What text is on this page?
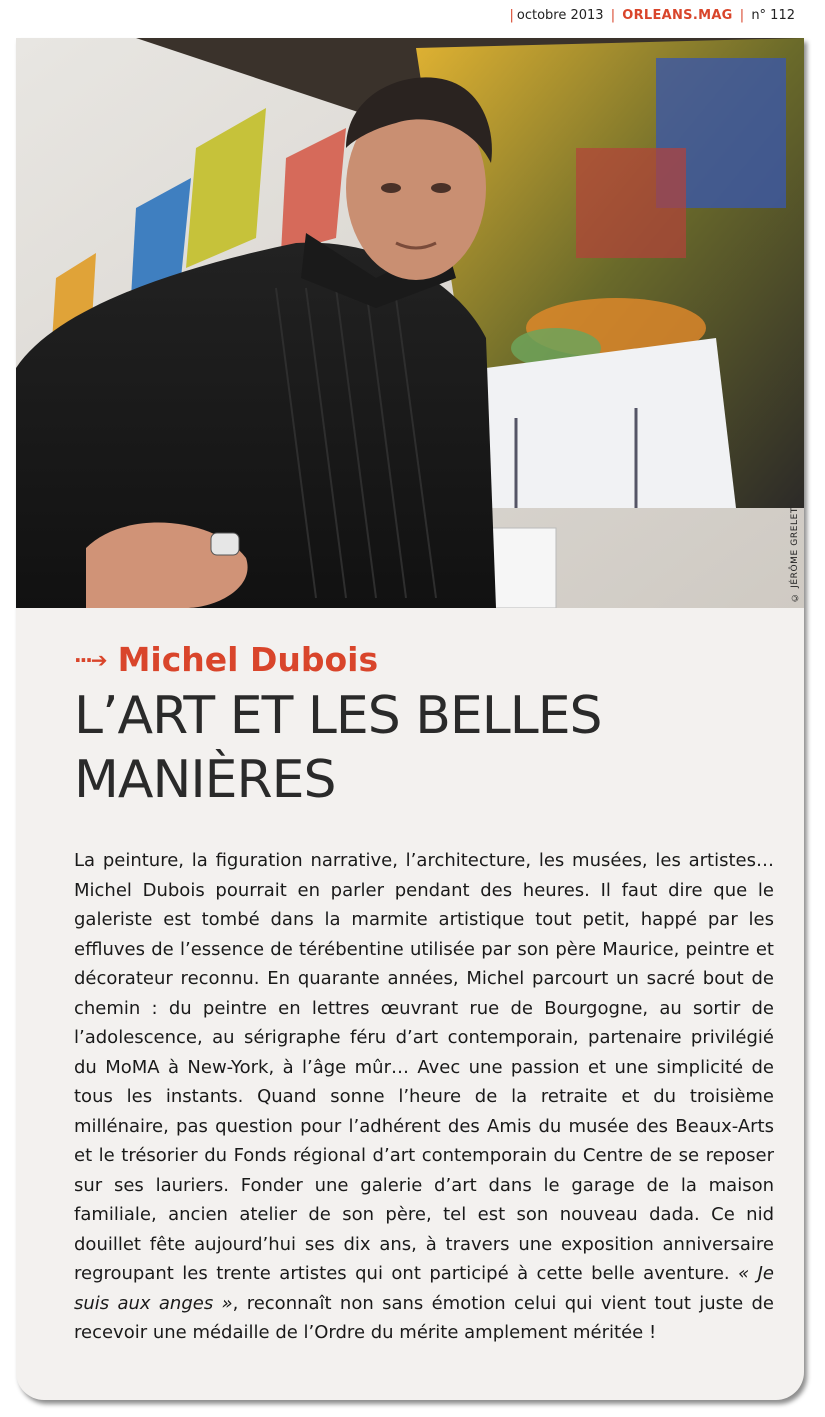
| octobre 2013 | ORLEANS.MAG | n° 112
© JÉRÔME GRELET
···➔ Michel Dubois
L’ART ET LES BELLES
MANIÈRES
La peinture, la figuration narrative, l’architecture, les musées, les artistes… Michel Dubois pourrait en parler pendant des heures. Il faut dire que le galeriste est tombé dans la marmite artistique tout petit, happé par les effluves de l’essence de térébentine utilisée par son père Maurice, peintre et décorateur reconnu. En quarante années, Michel parcourt un sacré bout de chemin : du peintre en lettres œuvrant rue de Bourgogne, au sortir de l’adolescence, au sérigraphe féru d’art contemporain, partenaire privilégié du MoMA à New-York, à l’âge mûr… Avec une passion et une simplicité de tous les instants. Quand sonne l’heure de la retraite et du troisième millénaire, pas question pour l’adhérent des Amis du musée des Beaux-Arts et le trésorier du Fonds régional d’art contemporain du Centre de se reposer sur ses lauriers. Fonder une galerie d’art dans le garage de la maison familiale, ancien atelier de son père, tel est son nouveau dada. Ce nid douillet fête aujourd’hui ses dix ans, à travers une exposition anniversaire regroupant les trente artistes qui ont participé à cette belle aventure. « Je suis aux anges », reconnaît non sans émotion celui qui vient tout juste de recevoir une médaille de l’Ordre du mérite amplement méritée !
